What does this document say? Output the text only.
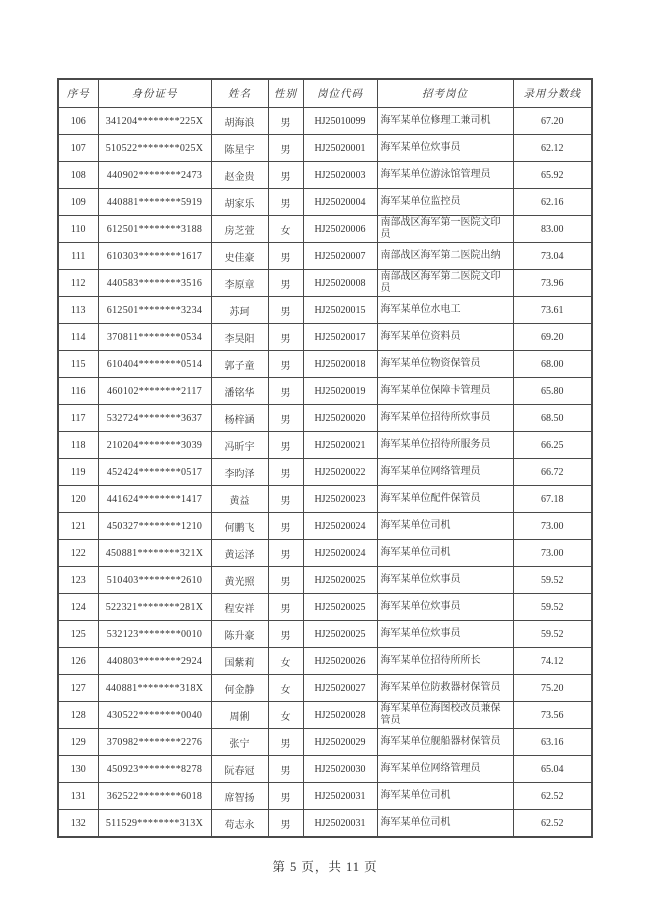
序号	身份证号	姓名	性别	岗位代码	招考岗位	录用分数线
106	341204********225X	胡海浪	男	HJ25010099	海军某单位修理工兼司机	67.20
107	510522********025X	陈星宇	男	HJ25020001	海军某单位炊事员	62.12
108	440902********2473	赵金贵	男	HJ25020003	海军某单位游泳馆管理员	65.92
109	440881********5919	胡家乐	男	HJ25020004	海军某单位监控员	62.16
110	612501********3188	房芝萱	女	HJ25020006	南部战区海军第一医院文印员	83.00
111	610303********1617	史佳豪	男	HJ25020007	南部战区海军第二医院出纳	73.04
112	440583********3516	李原章	男	HJ25020008	南部战区海军第二医院文印员	73.96
113	612501********3234	苏珂	男	HJ25020015	海军某单位水电工	73.61
114	370811********0534	李昊阳	男	HJ25020017	海军某单位资料员	69.20
115	610404********0514	郭子童	男	HJ25020018	海军某单位物资保管员	68.00
116	460102********2117	潘铭华	男	HJ25020019	海军某单位保障卡管理员	65.80
117	532724********3637	杨梓涵	男	HJ25020020	海军某单位招待所炊事员	68.50
118	210204********3039	冯昕宇	男	HJ25020021	海军某单位招待所服务员	66.25
119	452424********0517	李昀泽	男	HJ25020022	海军某单位网络管理员	66.72
120	441624********1417	黄益	男	HJ25020023	海军某单位配件保管员	67.18
121	450327********1210	何鹏飞	男	HJ25020024	海军某单位司机	73.00
122	450881********321X	黄运泽	男	HJ25020024	海军某单位司机	73.00
123	510403********2610	黄光照	男	HJ25020025	海军某单位炊事员	59.52
124	522321********281X	程安祥	男	HJ25020025	海军某单位炊事员	59.52
125	532123********0010	陈升豪	男	HJ25020025	海军某单位炊事员	59.52
126	440803********2924	国紫莉	女	HJ25020026	海军某单位招待所所长	74.12
127	440881********318X	何金静	女	HJ25020027	海军某单位防救器材保管员	75.20
128	430522********0040	周俐	女	HJ25020028	海军某单位海图校改员兼保管员	73.56
129	370982********2276	张宁	男	HJ25020029	海军某单位舰船器材保管员	63.16
130	450923********8278	阮春冠	男	HJ25020030	海军某单位网络管理员	65.04
131	362522********6018	席智扬	男	HJ25020031	海军某单位司机	62.52
132	511529********313X	苟志永	男	HJ25020031	海军某单位司机	62.52
第 5 页，共 11 页
